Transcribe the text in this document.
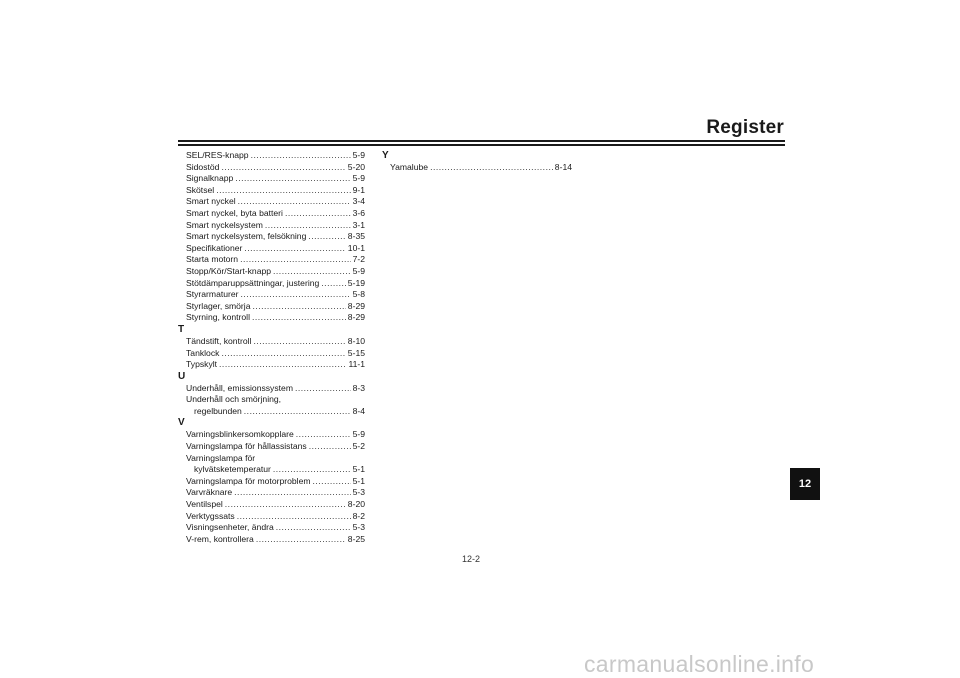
Register
SEL/RES-knapp .....	5-9
Sidostöd .....	5-20
Signalknapp .....	5-9
Skötsel .....	9-1
Smart nyckel .....	3-4
Smart nyckel, byta batteri .....	3-6
Smart nyckelsystem .....	3-1
Smart nyckelsystem, felsökning .....	8-35
Specifikationer .....	10-1
Starta motorn .....	7-2
Stopp/Kör/Start-knapp .....	5-9
Stötdämparuppsättningar, justering .....	5-19
Styrarmaturer .....	5-8
Styrlager, smörja .....	8-29
Styrning, kontroll .....	8-29
T
Tändstift, kontroll .....	8-10
Tanklock .....	5-15
Typskylt .....	11-1
U
Underhåll, emissionssystem .....	8-3
Underhåll och smörjning,
regelbunden .....	8-4
V
Varningsblinkersomkopplare .....	5-9
Varningslampa för hållassistans .....	5-2
Varningslampa för
kylvätsketemperatur .....	5-1
Varningslampa för motorproblem .....	5-1
Varvräknare .....	5-3
Ventilspel .....	8-20
Verktygssats .....	8-2
Visningsenheter, ändra .....	5-3
V-rem, kontrollera .....	8-25
Y
Yamalube .....	8-14
12-2
12
carmanualsonline.info
